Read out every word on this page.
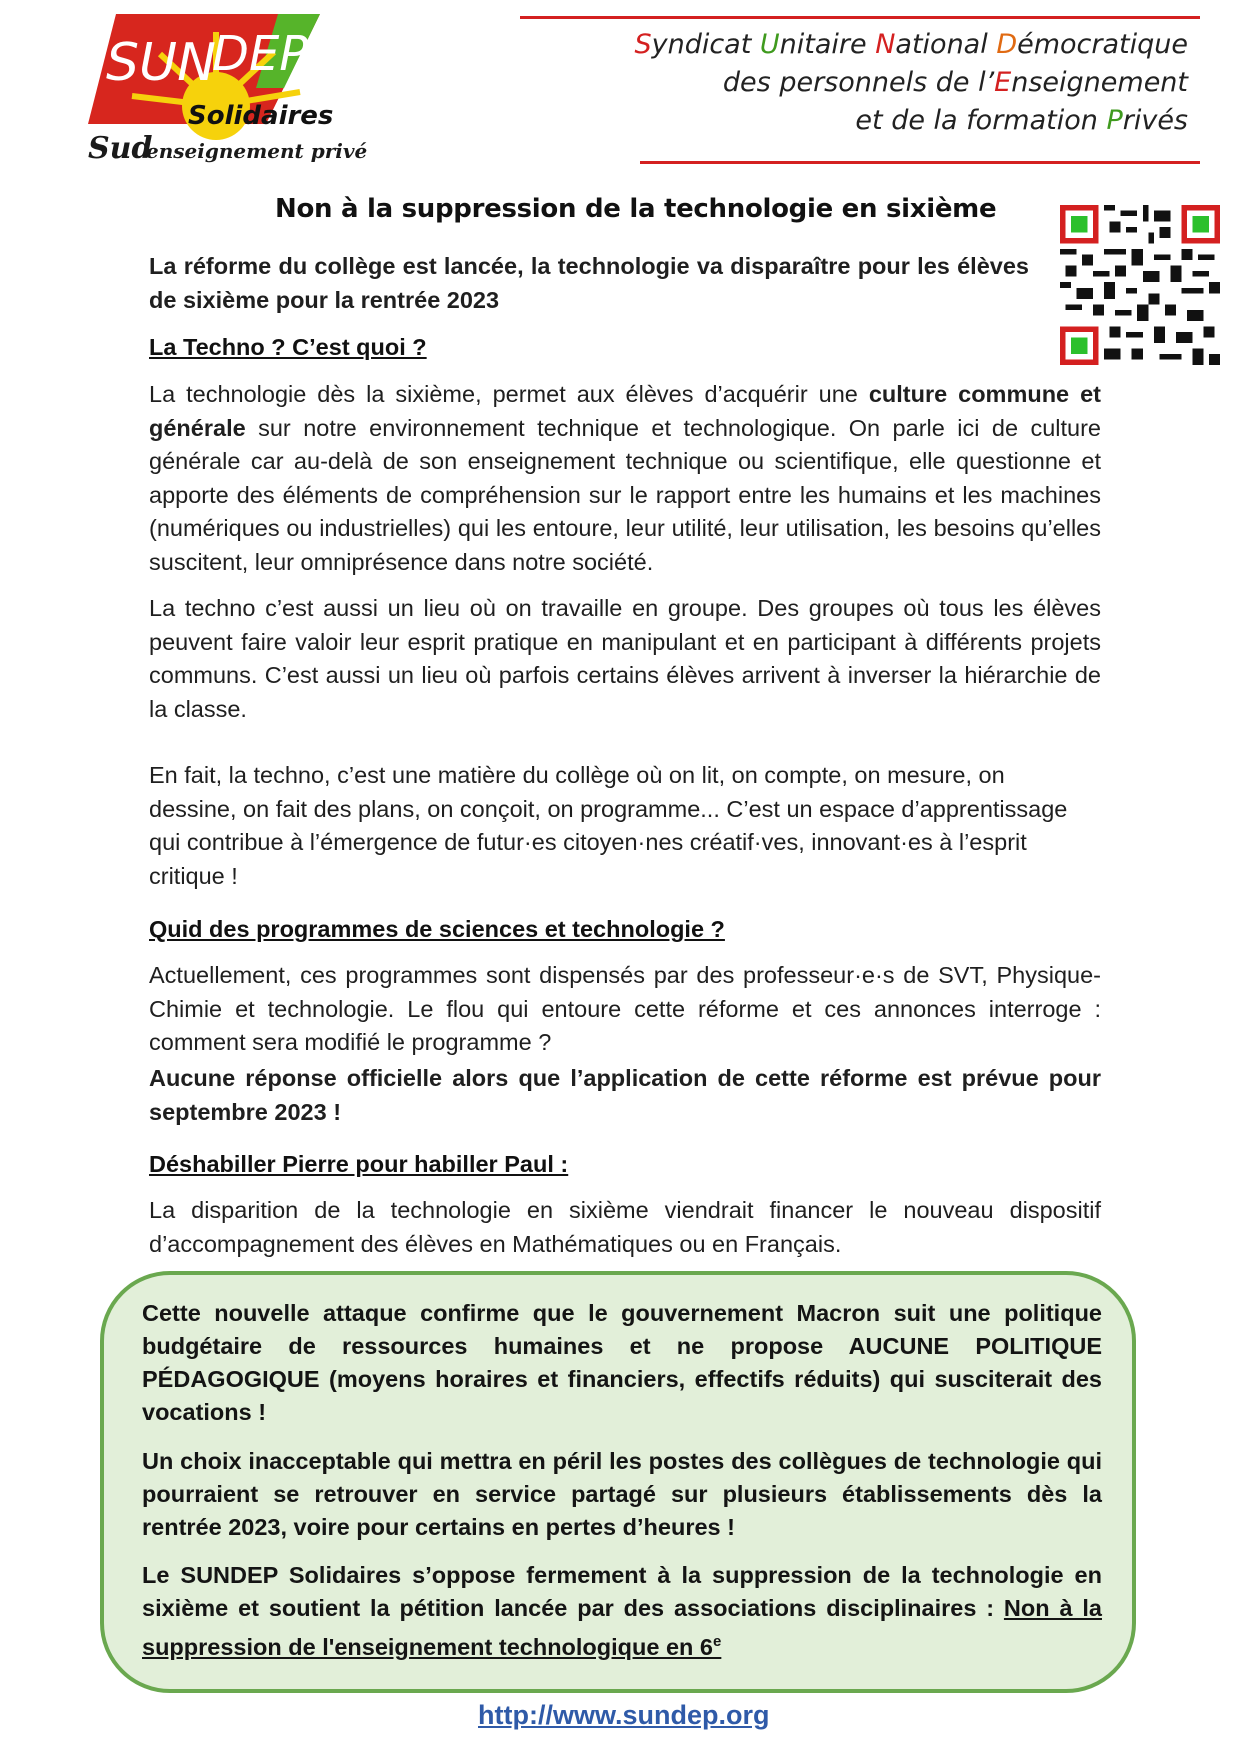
SUN
DEP
Solidaires
Sud
enseignement privé
Syndicat Unitaire National Démocratique
des personnels de l’Enseignement
et de la formation Privés
Non à la suppression de la technologie en sixième

La réforme du collège est lancée, la technologie va disparaître pour les élèves de sixième pour la rentrée 2023

La Techno ? C’est quoi ?

La technologie dès la sixième, permet aux élèves d’acquérir une culture commune et générale sur notre environnement technique et technologique. On parle ici de culture générale car au-delà de son enseignement technique ou scientifique, elle questionne et apporte des éléments de compréhension sur le rapport entre les humains et les machines (numériques ou industrielles) qui les entoure, leur utilité, leur utilisation, les besoins qu’elles suscitent, leur omniprésence dans notre société.

La techno c’est aussi un lieu où on travaille en groupe. Des groupes où tous les élèves peuvent faire valoir leur esprit pratique en manipulant et en participant à différents projets communs. C’est aussi un lieu où parfois certains élèves arrivent à inverser la hiérarchie de la classe.

En fait, la techno, c’est une matière du collège où on lit, on compte, on mesure, on dessine, on fait des plans, on conçoit, on programme... C’est un espace d’apprentissage qui contribue à l’émergence de futur·es citoyen·nes créatif·ves, innovant·es à l’esprit critique !

Quid des programmes de sciences et technologie ?

Actuellement, ces programmes sont dispensés par des professeur·e·s de SVT, Physique-Chimie et technologie. Le flou qui entoure cette réforme et ces annonces interroge : comment sera modifié le programme ?

Aucune réponse officielle alors que l’application de cette réforme est prévue pour septembre 2023 !

Déshabiller Pierre pour habiller Paul :

La disparition de la technologie en sixième viendrait financer le nouveau dispositif d’accompagnement des élèves en Mathématiques ou en Français.

Cette nouvelle attaque confirme que le gouvernement Macron suit une politique budgétaire de ressources humaines et ne propose AUCUNE POLITIQUE PÉDAGOGIQUE (moyens horaires et financiers, effectifs réduits) qui susciterait des vocations !

Un choix inacceptable qui mettra en péril les postes des collègues de technologie qui pourraient se retrouver en service partagé sur plusieurs établissements dès la rentrée 2023, voire pour certains en pertes d’heures !

Le SUNDEP Solidaires s’oppose fermement à la suppression de la technologie en sixième et soutient la pétition lancée par des associations disciplinaires : Non à la suppression de l'enseignement technologique en 6e

http://www.sundep.org
